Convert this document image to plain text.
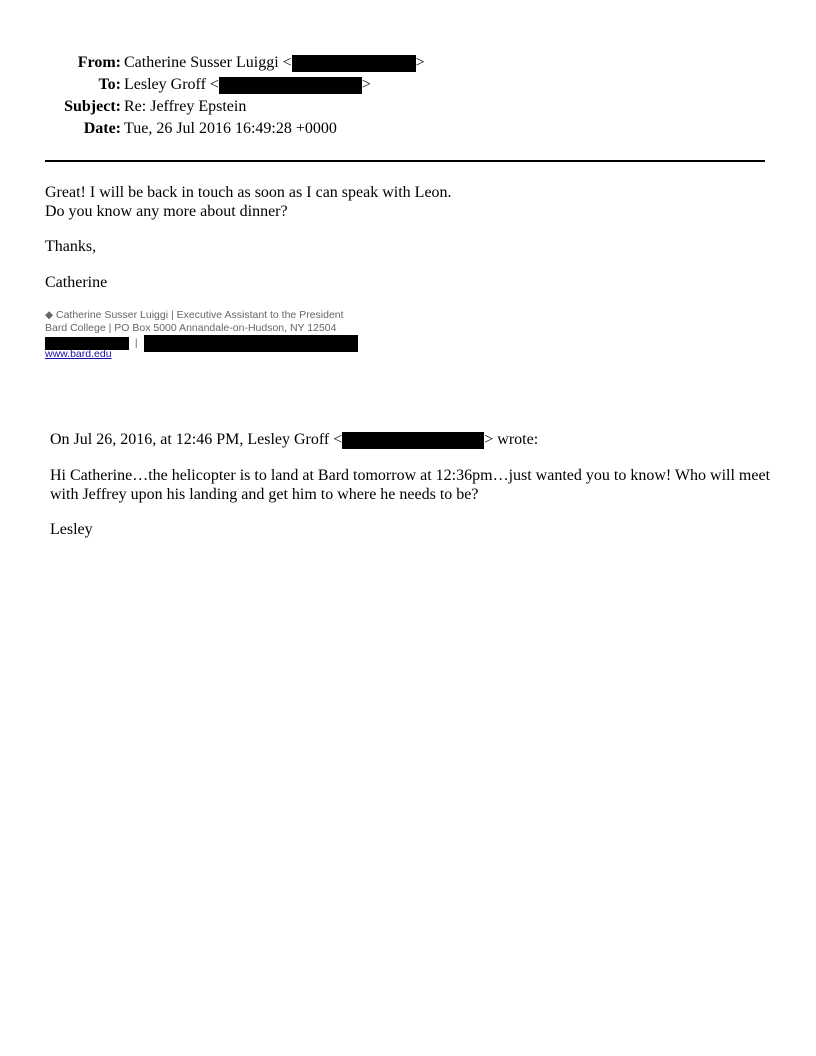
From: Catherine Susser Luiggi <	>
To: Lesley Groff <	>
Subject: Re: Jeffrey Epstein
Date: Tue, 26 Jul 2016 16:49:28 +0000
Great! I will be back in touch as soon as I can speak with Leon.
Do you know any more about dinner?
Thanks,
Catherine
◆ Catherine Susser Luiggi | Executive Assistant to the President
Bard College | PO Box 5000 Annandale-on-Hudson, NY 12504
|
www.bard.edu
On Jul 26, 2016, at 12:46 PM, Lesley Groff <	> wrote:
Hi Catherine…the helicopter is to land at Bard tomorrow at 12:36pm…just wanted you to know! Who will meet with Jeffrey upon his landing and get him to where he needs to be?
Lesley
